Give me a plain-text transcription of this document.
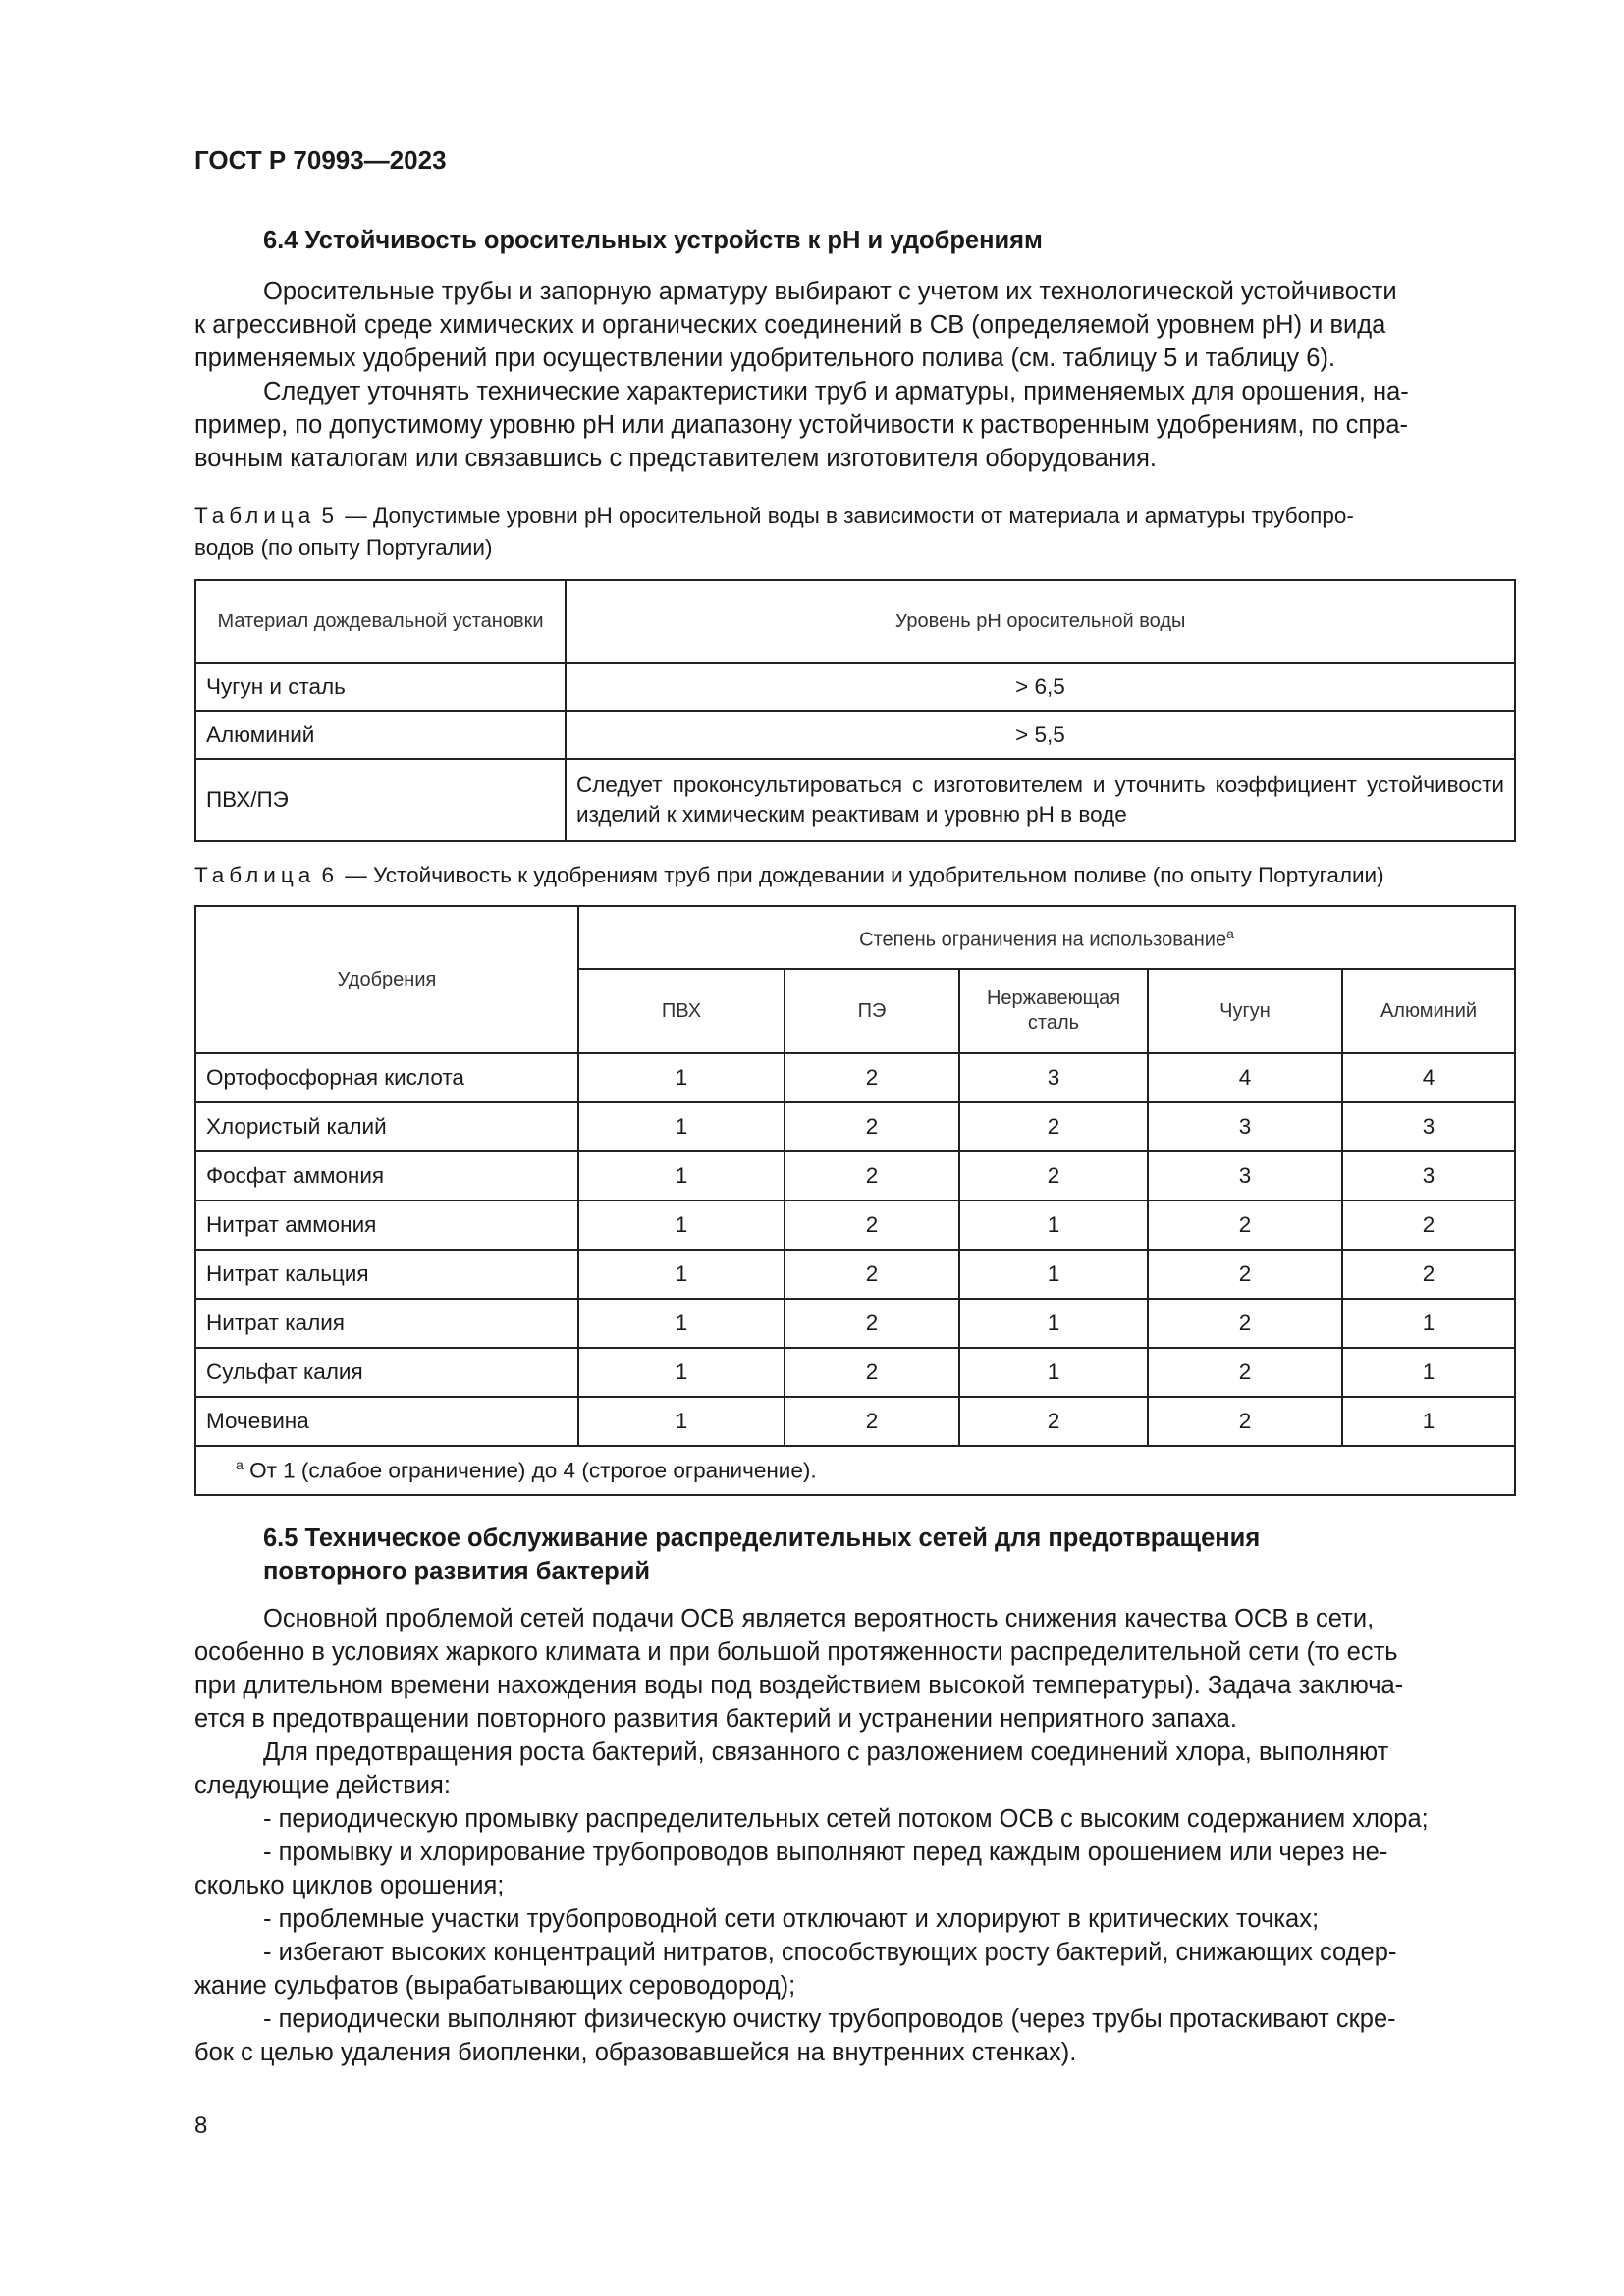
ГОСТ Р 70993—2023
6.4 Устойчивость оросительных устройств к рН и удобрениям
Оросительные трубы и запорную арматуру выбирают с учетом их технологической устойчивости
к агрессивной среде химических и органических соединений в СВ (определяемой уровнем рН) и вида
применяемых удобрений при осуществлении удобрительного полива (см. таблицу 5 и таблицу 6).
Следует уточнять технические характеристики труб и арматуры, применяемых для орошения, на-
пример, по допустимому уровню рН или диапазону устойчивости к растворенным удобрениям, по спра-
вочным каталогам или связавшись с представителем изготовителя оборудования.
Таблица 5 — Допустимые уровни рН оросительной воды в зависимости от материала и арматуры трубопро-
водов (по опыту Португалии)
Материал дождевальной установки	Уровень рН оросительной воды
Чугун и сталь	> 6,5
Алюминий	> 5,5
ПВХ/ПЭ	Следует проконсультироваться с изготовителем и уточнить коэффициент устойчивости изделий к химическим реактивам и уровню рН в воде
Таблица 6 — Устойчивость к удобрениям труб при дождевании и удобрительном поливе (по опыту Португалии)
Удобрения	Степень ограничения на использование$^а$
	ПВХ	ПЭ	Нержавеющая сталь	Чугун	Алюминий
Ортофосфорная кислота	1	2	3	4	4
Хлористый калий	1	2	2	3	3
Фосфат аммония	1	2	2	3	3
Нитрат аммония	1	2	1	2	2
Нитрат кальция	1	2	1	2	2
Нитрат калия	1	2	1	2	1
Сульфат калия	1	2	1	2	1
Мочевина	1	2	2	2	1
$^а$ От 1 (слабое ограничение) до 4 (строгое ограничение).					
6.5 Техническое обслуживание распределительных сетей для предотвращения
повторного развития бактерий
Основной проблемой сетей подачи ОСВ является вероятность снижения качества ОСВ в сети,
особенно в условиях жаркого климата и при большой протяженности распределительной сети (то есть
при длительном времени нахождения воды под воздействием высокой температуры). Задача заключа-
ется в предотвращении повторного развития бактерий и устранении неприятного запаха.
Для предотвращения роста бактерий, связанного с разложением соединений хлора, выполняют
следующие действия:
- периодическую промывку распределительных сетей потоком ОСВ с высоким содержанием хлора;
- промывку и хлорирование трубопроводов выполняют перед каждым орошением или через не-
сколько циклов орошения;
- проблемные участки трубопроводной сети отключают и хлорируют в критических точках;
- избегают высоких концентраций нитратов, способствующих росту бактерий, снижающих содер-
жание сульфатов (вырабатывающих сероводород);
- периодически выполняют физическую очистку трубопроводов (через трубы протаскивают скре-
бок с целью удаления биопленки, образовавшейся на внутренних стенках).
8
